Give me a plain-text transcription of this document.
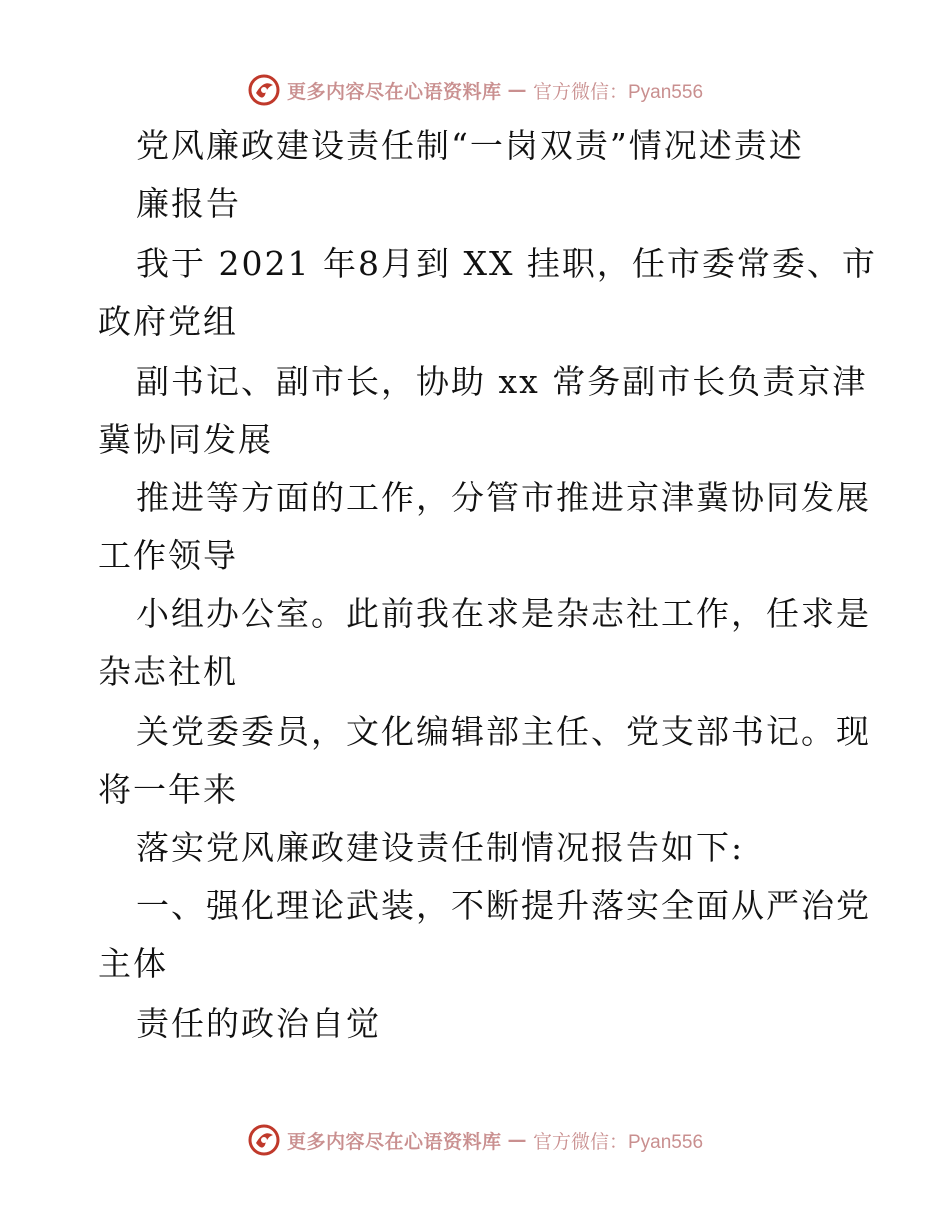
更多内容尽在心语资料库 — 官方微信：Pyan556
党风廉政建设责任制“一岗双责”情况述责述
廉报告
我于 2021 年8月到 XX 挂职，任市委常委、市
政府党组
副书记、副市长，协助 xx 常务副市长负责京津
冀协同发展
推进等方面的工作，分管市推进京津冀协同发展
工作领导
小组办公室。此前我在求是杂志社工作，任求是
杂志社机
关党委委员，文化编辑部主任、党支部书记。现
将一年来
落实党风廉政建设责任制情况报告如下:
一、强化理论武装，不断提升落实全面从严治党
主体
责任的政治自觉
更多内容尽在心语资料库 — 官方微信：Pyan556
